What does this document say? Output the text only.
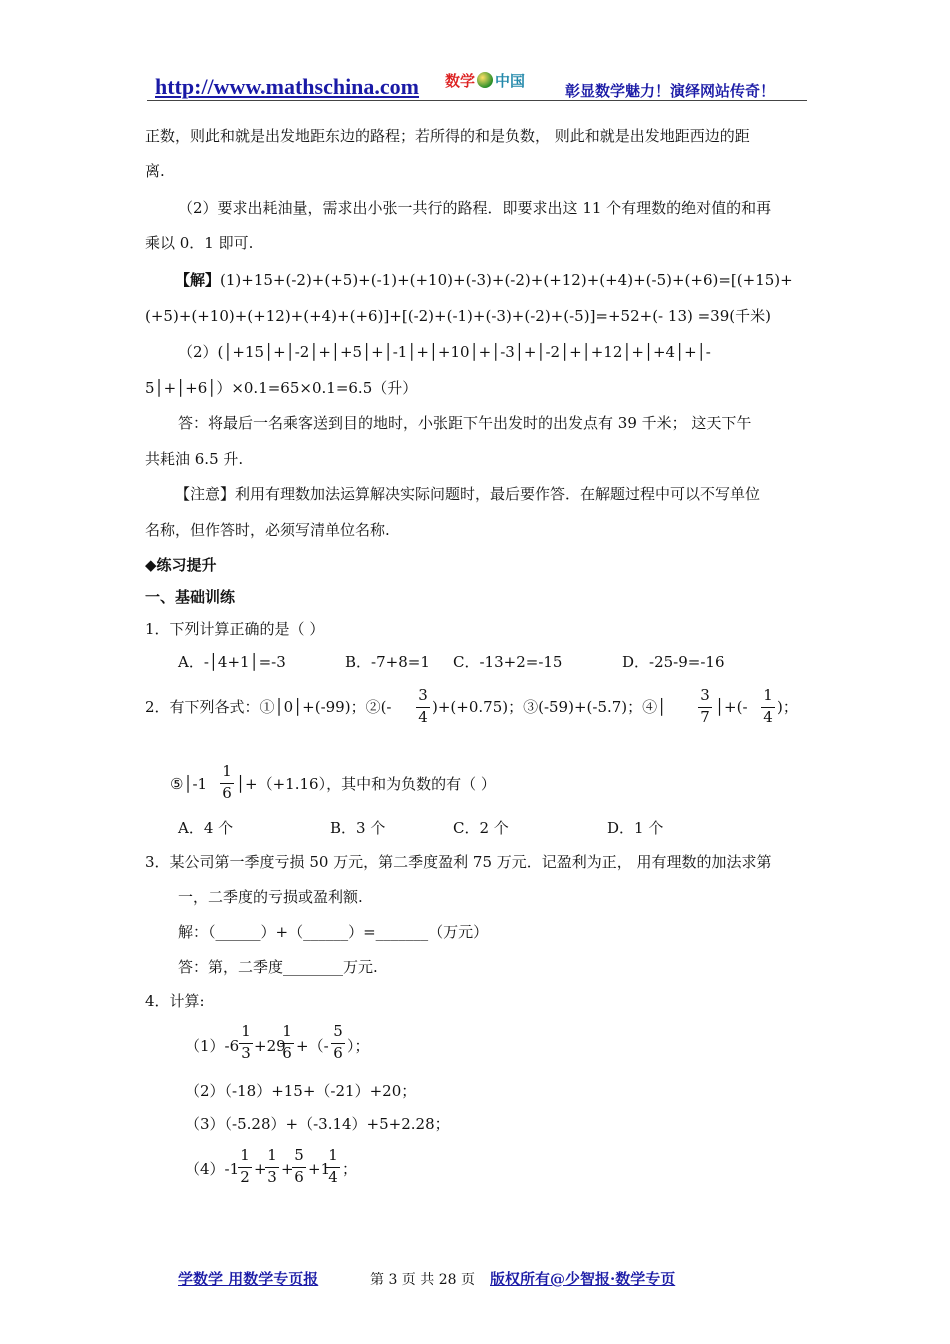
http://www.mathschina.com 数学 中国
彰显数学魅力！演绎网站传奇！
正数，则此和就是出发地距东边的路程；若所得的和是负数， 则此和就是出发地距西边的距
离.
（2）要求出耗油量，需求出小张一共行的路程．即要求出这 11 个有理数的绝对值的和再
乘以 0．1 即可.
【解】(1)+15+(-2)+(+5)+(-1)+(+10)+(-3)+(-2)+(+12)+(+4)+(-5)+(+6)=[(+15)+
(+5)+(+10)+(+12)+(+4)+(+6)]+[(-2)+(-1)+(-3)+(-2)+(-5)]=+52+(- 13) =39(千米)
（2）(│+15│+│-2│+│+5│+│-1│+│+10│+│-3│+│-2│+│+12│+│+4│+│-
5│+│+6│）×0.1=65×0.1=6.5（升）
答：将最后一名乘客送到目的地时，小张距下午出发时的出发点有 39 千米； 这天下午
共耗油 6.5 升.
【注意】利用有理数加法运算解决实际问题时，最后要作答．在解题过程中可以不写单位
名称，但作答时，必须写清单位名称.
◆练习提升
一、基础训练
1．下列计算正确的是（ ）
A．-│4+1│=-3	B．-7+8=1 C．-13+2=-15	D．-25-9=-16
2．有下列各式：①│0│+(-99)；②(-
3
4
)+(+0.75)；③(-59)+(-5.7)；④│
3
7
│+(-
1
4
)；
⑤│-1
1
6 │+（+1.16），其中和为负数的有（ ）
A．4 个	B．3 个	C．2 个	D．1 个
3．某公司第一季度亏损 50 万元，第二季度盈利 75 万元．记盈利为正， 用有理数的加法求第
一，二季度的亏损或盈利额.
解：（______）+（______）=_______（万元）
答：第，二季度________万元.
4．计算:
（1）-6
1
3 +29
1
6 +（-
5
6 ）；
（2）（-18）+15+（-21）+20；
（3）（-5.28）+（-3.14）+5+2.28；
（4）-1
1
2 +
1
3 +
5
6 +1
1
4 ；
学数学 用数学专页报	第 3 页 共 28 页 版权所有@少智报·数学专页
